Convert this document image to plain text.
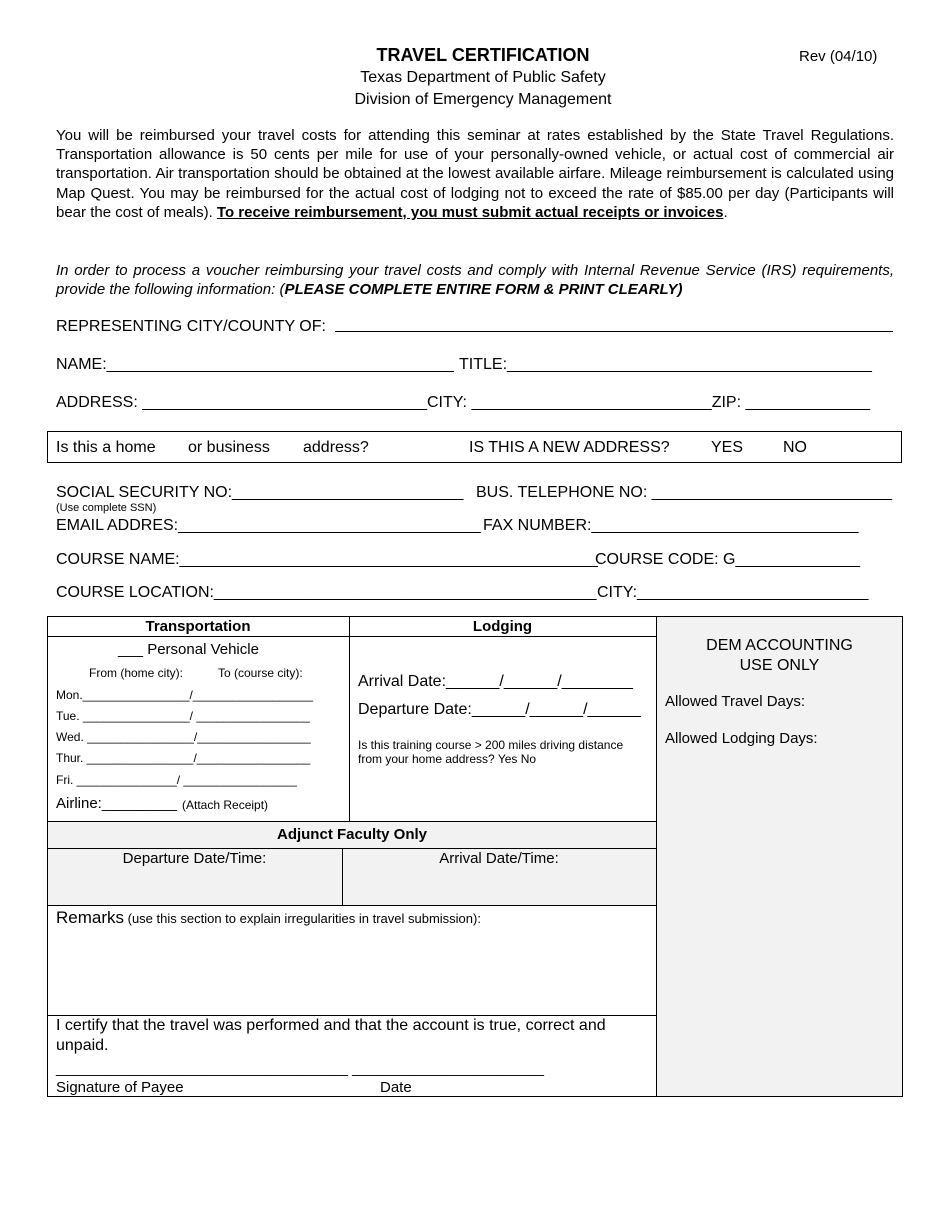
TRAVEL CERTIFICATION	Rev (04/10)
Texas Department of Public Safety
Division of Emergency Management
You will be reimbursed your travel costs for attending this seminar at rates established by the State Travel Regulations. Transportation allowance is 50 cents per mile for use of your personally-owned vehicle, or actual cost of commercial air transportation. Air transportation should be obtained at the lowest available airfare. Mileage reimbursement is calculated using Map Quest. You may be reimbursed for the actual cost of lodging not to exceed the rate of $85.00 per day (Participants will bear the cost of meals). To receive reimbursement, you must submit actual receipts or invoices.
In order to process a voucher reimbursing your travel costs and comply with Internal Revenue Service (IRS) requirements, provide the following information: (PLEASE COMPLETE ENTIRE FORM & PRINT CLEARLY)
REPRESENTING CITY/COUNTY OF:
NAME:_______________________________________ TITLE:_________________________________________
ADDRESS: ________________________________CITY: ___________________________ZIP: ______________
Is this a home or business address?	IS THIS A NEW ADDRESS?	YES NO
SOCIAL SECURITY NO:__________________________
(Use complete SSN)
BUS. TELEPHONE NO: ___________________________
EMAIL ADDRES:__________________________________ FAX NUMBER:______________________________
COURSE NAME:_______________________________________________
COURSE CODE: G______________
COURSE LOCATION:___________________________________________ CITY:__________________________
Transportation	Lodging
___ Personal Vehicle
From (home city):	To (course city):
Mon.________________/__________________
Tue. ________________/ _________________
Wed. ________________/_________________
Thur. ________________/_________________
Fri. _______________/ _________________
Airline:_________ (Attach Receipt)
Arrival Date:______/______/________
Departure Date:______/______/______
Is this training course > 200 miles driving distance
from your home address? Yes No
Adjunct Faculty Only
Departure Date/Time:	Arrival Date/Time:
Remarks (use this section to explain irregularities in travel submission):
I certify that the travel was performed and that the account is true, correct and
unpaid.
___________________________________ _______________________
Signature of Payee	Date
DEM ACCOUNTING
USE ONLY
Allowed Travel Days:
Allowed Lodging Days:
